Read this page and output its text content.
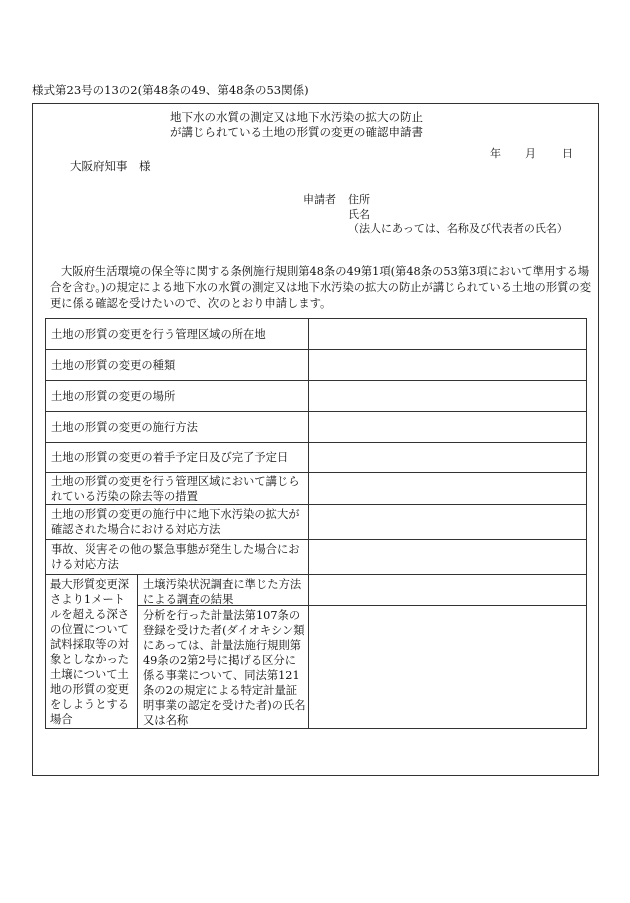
様式第23号の13の2(第48条の49、第48条の53関係)
地下水の水質の測定又は地下水汚染の拡大の防止
が講じられている土地の形質の変更の確認申請書
年 月 日
大阪府知事　様
申請者 住所
氏名
（法人にあっては、名称及び代表者の氏名）
大阪府生活環境の保全等に関する条例施行規則第48条の49第1項(第48条の53第3項において準用する場合を含む。)の規定による地下水の水質の測定又は地下水汚染の拡大の防止が講じられている土地の形質の変更に係る確認を受けたいので、次のとおり申請します。
土地の形質の変更を行う管理区域の所在地
土地の形質の変更の種類
土地の形質の変更の場所
土地の形質の変更の施行方法
土地の形質の変更の着手予定日及び完了予定日
土地の形質の変更を行う管理区域において講じられている汚染の除去等の措置
土地の形質の変更の施行中に地下水汚染の拡大が確認された場合における対応方法
事故、災害その他の緊急事態が発生した場合における対応方法
最大形質変更深さより1メートルを超える深さの位置について試料採取等の対象としなかった土壌について土地の形質の変更をしようとする場合
土壌汚染状況調査に準じた方法による調査の結果
分析を行った計量法第107条の登録を受けた者(ダイオキシン類にあっては、計量法施行規則第49条の2第2号に掲げる区分に係る事業について、同法第121条の2の規定による特定計量証明事業の認定を受けた者)の氏名又は名称
